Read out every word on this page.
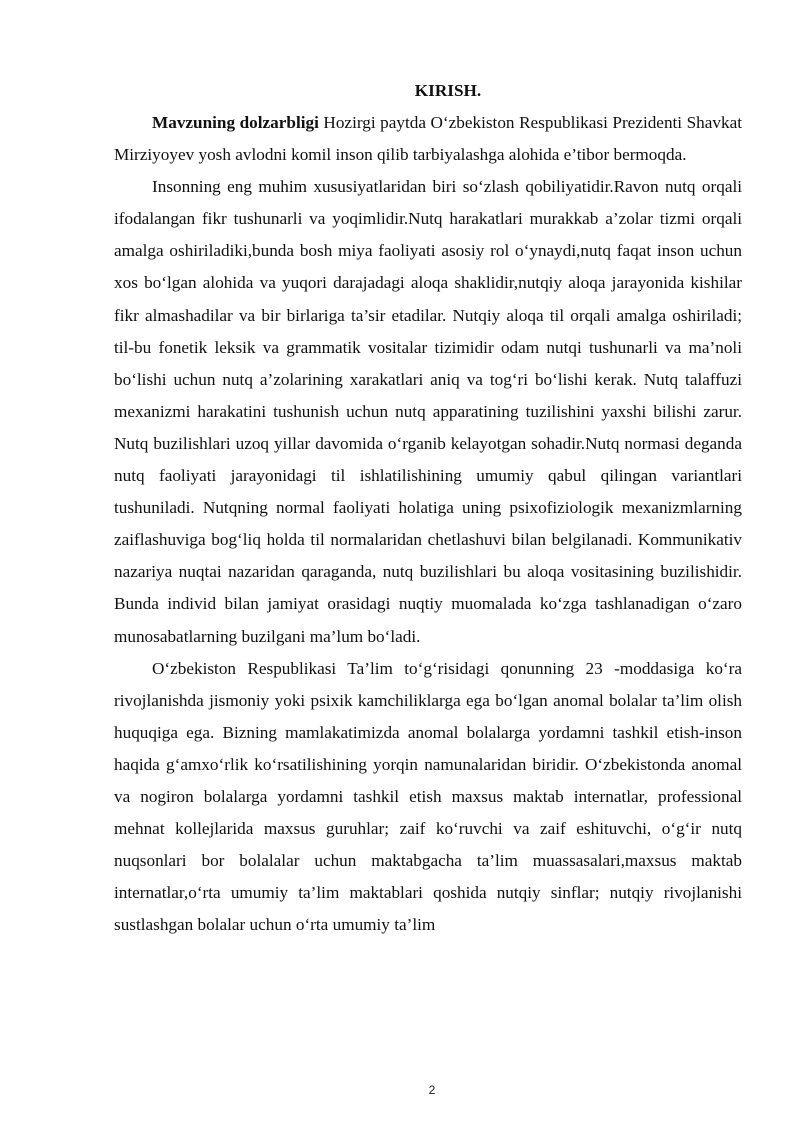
KIRISH.

Mavzuning dolzarbligi Hozirgi paytda O‘zbekiston Respublikasi Prezidenti Shavkat Mirziyoyev yosh avlodni komil inson qilib tarbiyalashga alohida e’tibor bermoqda.

Insonning eng muhim xususiyatlaridan biri so‘zlash qobiliyatidir.Ravon nutq orqali ifodalangan fikr tushunarli va yoqimlidir.Nutq harakatlari murakkab a’zolar tizmi orqali amalga oshiriladiki,bunda bosh miya faoliyati asosiy rol o‘ynaydi,nutq faqat inson uchun xos bo‘lgan alohida va yuqori darajadagi aloqa shaklidir,nutqiy aloqa jarayonida kishilar fikr almashadilar va bir birlariga ta’sir etadilar. Nutqiy aloqa til orqali amalga oshiriladi; til-bu fonetik leksik va grammatik vositalar tizimidir odam nutqi tushunarli va ma’noli bo‘lishi uchun nutq a’zolarining xarakatlari aniq va tog‘ri bo‘lishi kerak. Nutq talaffuzi mexanizmi harakatini tushunish uchun nutq apparatining tuzilishini yaxshi bilishi zarur. Nutq buzilishlari uzoq yillar davomida o‘rganib kelayotgan sohadir.Nutq normasi deganda nutq faoliyati jarayonidagi til ishlatilishining umumiy qabul qilingan variantlari tushuniladi. Nutqning normal faoliyati holatiga uning psixofiziologik mexanizmlarning zaiflashuviga bog‘liq holda til normalaridan chetlashuvi bilan belgilanadi. Kommunikativ nazariya nuqtai nazaridan qaraganda, nutq buzilishlari bu aloqa vositasining buzilishidir. Bunda individ bilan jamiyat orasidagi nuqtiy muomalada ko‘zga tashlanadigan o‘zaro munosabatlarning buzilgani ma’lum bo‘ladi.

O‘zbekiston Respublikasi Ta’lim to‘g‘risidagi qonunning 23 -moddasiga ko‘ra rivojlanishda jismoniy yoki psixik kamchiliklarga ega bo‘lgan anomal bolalar ta’lim olish huquqiga ega. Bizning mamlakatimizda anomal bolalarga yordamni tashkil etish-inson haqida g‘amxo‘rlik ko‘rsatilishining yorqin namunalaridan biridir. O‘zbekistonda anomal va nogiron bolalarga yordamni tashkil etish maxsus maktab internatlar, professional mehnat kollejlarida maxsus guruhlar; zaif ko‘ruvchi va zaif eshituvchi, o‘g‘ir nutq nuqsonlari bor bolalalar uchun maktabgacha ta’lim muassasalari,maxsus maktab internatlar,o‘rta umumiy ta’lim maktablari qoshida nutqiy sinflar; nutqiy rivojlanishi sustlashgan bolalar uchun o‘rta umumiy ta’lim

2
